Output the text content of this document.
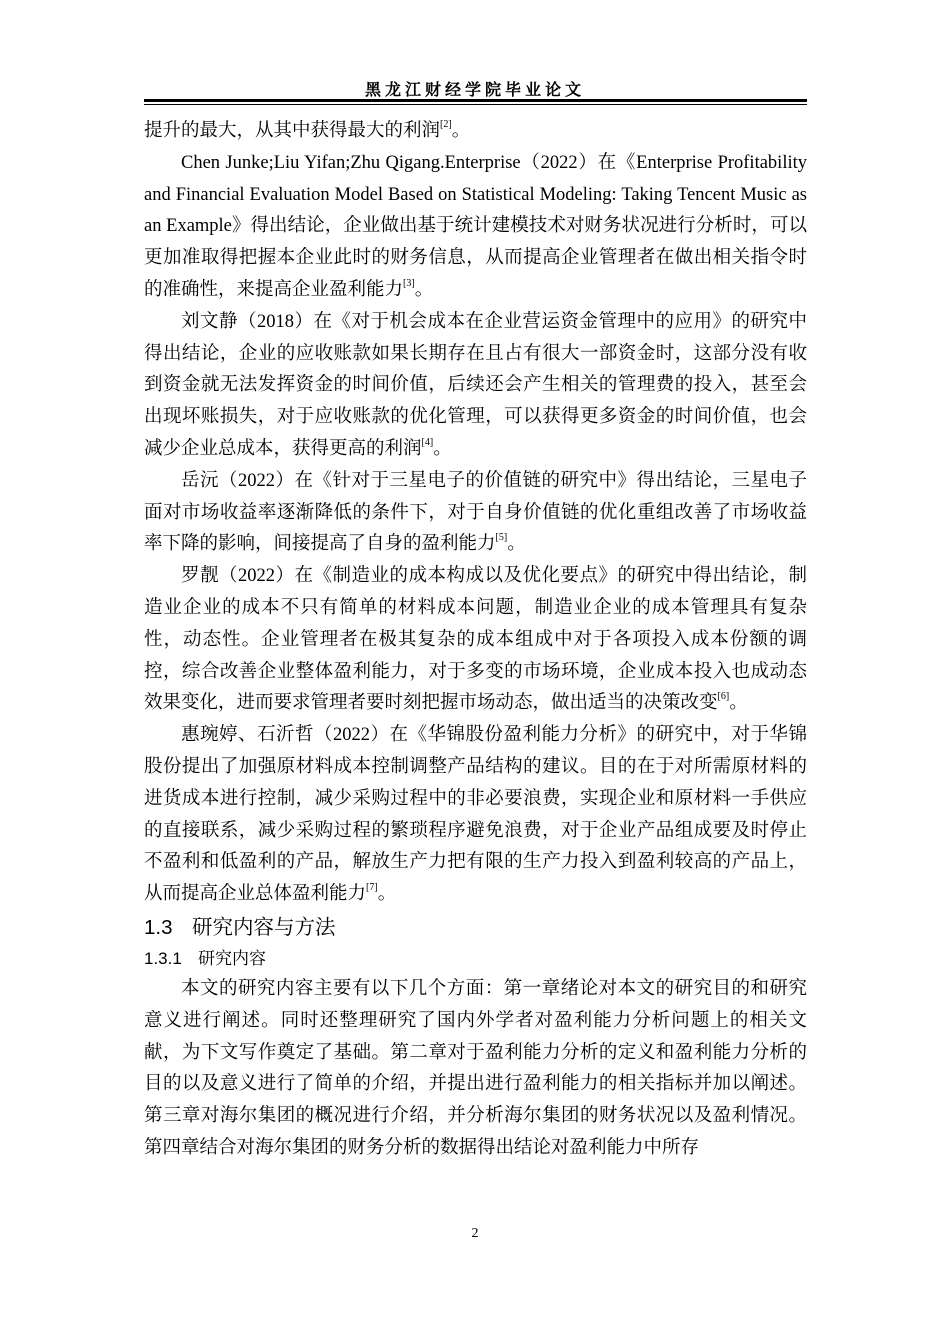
黑龙江财经学院毕业论文

提升的最大，从其中获得最大的利润[2]。

Chen Junke;Liu Yifan;Zhu Qigang.Enterprise（2022）在《Enterprise Profitability and Financial Evaluation Model Based on Statistical Modeling: Taking Tencent Music as an Example》得出结论，企业做出基于统计建模技术对财务状况进行分析时，可以更加准取得把握本企业此时的财务信息，从而提高企业管理者在做出相关指令时的准确性，来提高企业盈利能力[3]。

刘文静（2018）在《对于机会成本在企业营运资金管理中的应用》的研究中得出结论，企业的应收账款如果长期存在且占有很大一部资金时，这部分没有收到资金就无法发挥资金的时间价值，后续还会产生相关的管理费的投入，甚至会出现坏账损失，对于应收账款的优化管理，可以获得更多资金的时间价值，也会减少企业总成本，获得更高的利润[4]。

岳沅（2022）在《针对于三星电子的价值链的研究中》得出结论，三星电子面对市场收益率逐渐降低的条件下，对于自身价值链的优化重组改善了市场收益率下降的影响，间接提高了自身的盈利能力[5]。

罗靓（2022）在《制造业的成本构成以及优化要点》的研究中得出结论，制造业企业的成本不只有简单的材料成本问题，制造业企业的成本管理具有复杂性，动态性。企业管理者在极其复杂的成本组成中对于各项投入成本份额的调控，综合改善企业整体盈利能力，对于多变的市场环境，企业成本投入也成动态效果变化，进而要求管理者要时刻把握市场动态，做出适当的决策改变[6]。

惠琬婷、石沂哲（2022）在《华锦股份盈利能力分析》的研究中，对于华锦股份提出了加强原材料成本控制调整产品结构的建议。目的在于对所需原材料的进货成本进行控制，减少采购过程中的非必要浪费，实现企业和原材料一手供应的直接联系，减少采购过程的繁琐程序避免浪费，对于企业产品组成要及时停止不盈利和低盈利的产品，解放生产力把有限的生产力投入到盈利较高的产品上，从而提高企业总体盈利能力[7]。

1.3 研究内容与方法
1.3.1 研究内容

本文的研究内容主要有以下几个方面：第一章绪论对本文的研究目的和研究意义进行阐述。同时还整理研究了国内外学者对盈利能力分析问题上的相关文献，为下文写作奠定了基础。第二章对于盈利能力分析的定义和盈利能力分析的目的以及意义进行了简单的介绍，并提出进行盈利能力的相关指标并加以阐述。第三章对海尔集团的概况进行介绍，并分析海尔集团的财务状况以及盈利情况。第四章结合对海尔集团的财务分析的数据得出结论对盈利能力中所存

2
